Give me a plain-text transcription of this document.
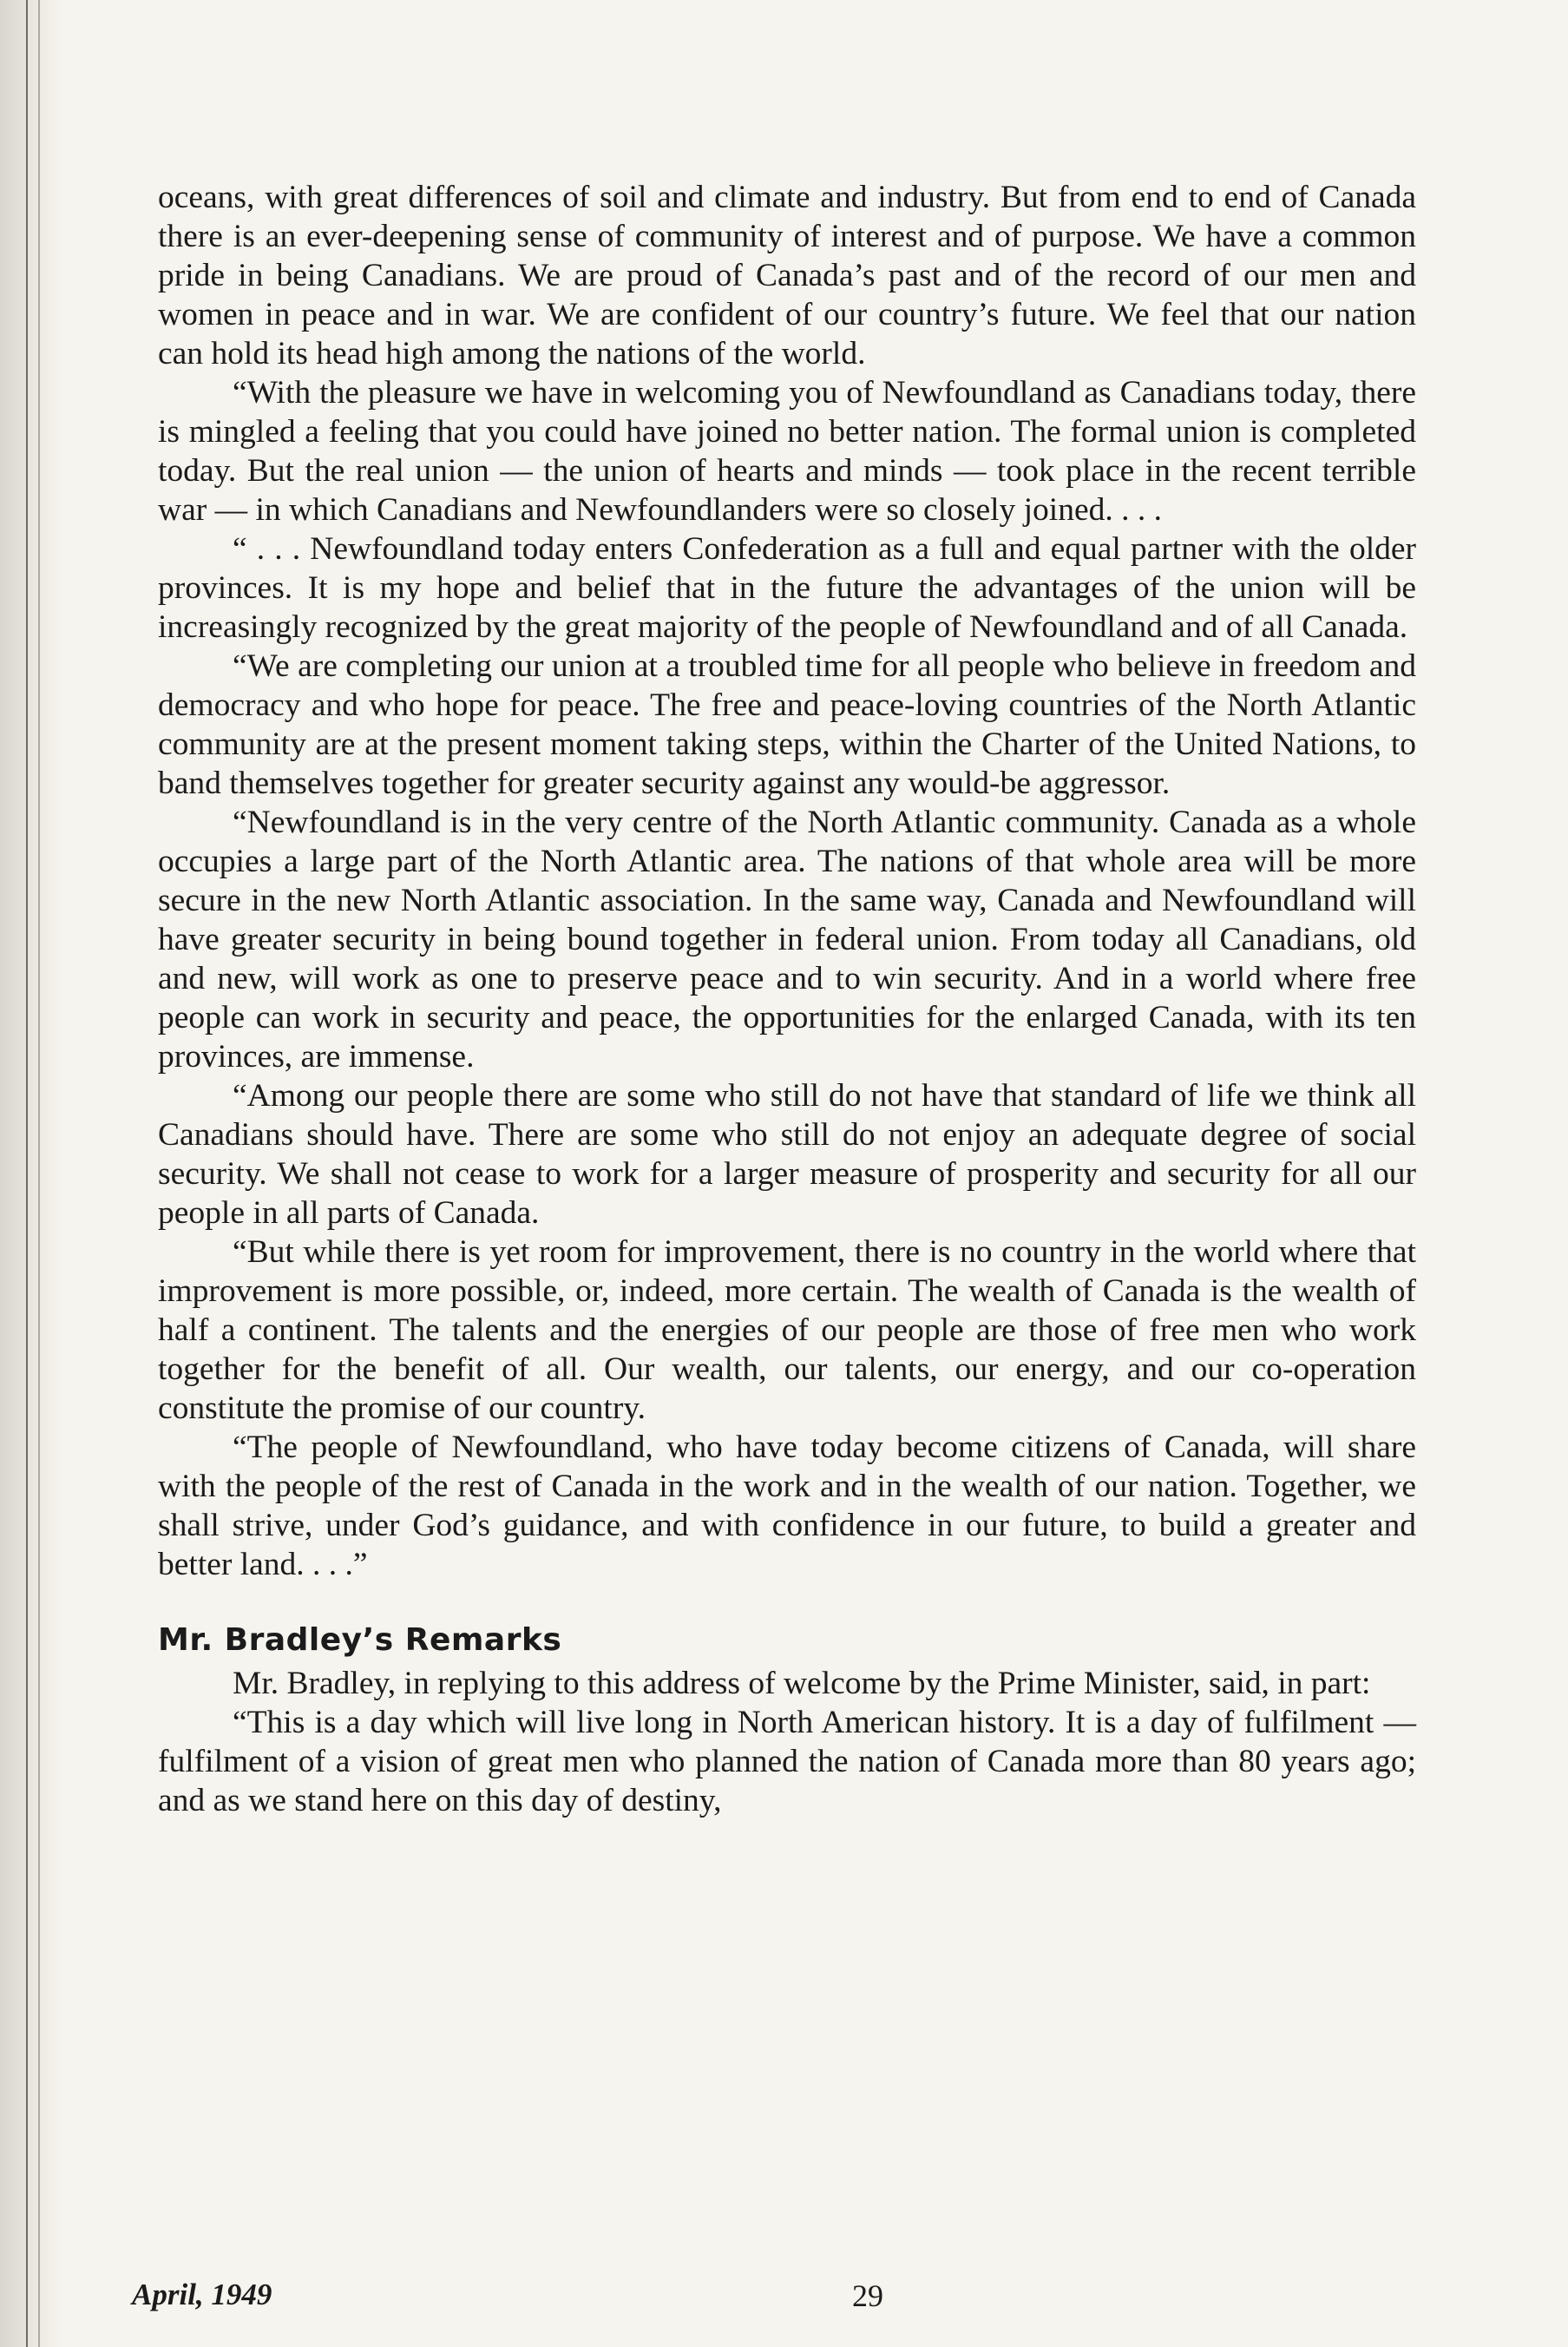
oceans, with great differences of soil and climate and industry. But from end to end of Canada there is an ever-deepening sense of community of interest and of purpose. We have a common pride in being Canadians. We are proud of Canada’s past and of the record of our men and women in peace and in war. We are confident of our country’s future. We feel that our nation can hold its head high among the nations of the world.

“With the pleasure we have in welcoming you of Newfoundland as Canadians today, there is mingled a feeling that you could have joined no better nation. The formal union is completed today. But the real union — the union of hearts and minds — took place in the recent terrible war — in which Canadians and Newfoundlanders were so closely joined. . . .

“ . . . Newfoundland today enters Confederation as a full and equal partner with the older provinces. It is my hope and belief that in the future the advantages of the union will be increasingly recognized by the great majority of the people of Newfoundland and of all Canada.

“We are completing our union at a troubled time for all people who believe in freedom and democracy and who hope for peace. The free and peace-loving countries of the North Atlantic community are at the present moment taking steps, within the Charter of the United Nations, to band themselves together for greater security against any would-be aggressor.

“Newfoundland is in the very centre of the North Atlantic community. Canada as a whole occupies a large part of the North Atlantic area. The nations of that whole area will be more secure in the new North Atlantic association. In the same way, Canada and Newfoundland will have greater security in being bound together in federal union. From today all Canadians, old and new, will work as one to preserve peace and to win security. And in a world where free people can work in security and peace, the opportunities for the enlarged Canada, with its ten provinces, are immense.

“Among our people there are some who still do not have that standard of life we think all Canadians should have. There are some who still do not enjoy an adequate degree of social security. We shall not cease to work for a larger measure of prosperity and security for all our people in all parts of Canada.

“But while there is yet room for improvement, there is no country in the world where that improvement is more possible, or, indeed, more certain. The wealth of Canada is the wealth of half a continent. The talents and the energies of our people are those of free men who work together for the benefit of all. Our wealth, our talents, our energy, and our co-operation constitute the promise of our country.

“The people of Newfoundland, who have today become citizens of Canada, will share with the people of the rest of Canada in the work and in the wealth of our nation. Together, we shall strive, under God’s guidance, and with confidence in our future, to build a greater and better land. . . .”

Mr. Bradley’s Remarks

Mr. Bradley, in replying to this address of welcome by the Prime Minister, said, in part:

“This is a day which will live long in North American history. It is a day of fulfilment — fulfilment of a vision of great men who planned the nation of Canada more than 80 years ago; and as we stand here on this day of destiny,

April, 1949	29
